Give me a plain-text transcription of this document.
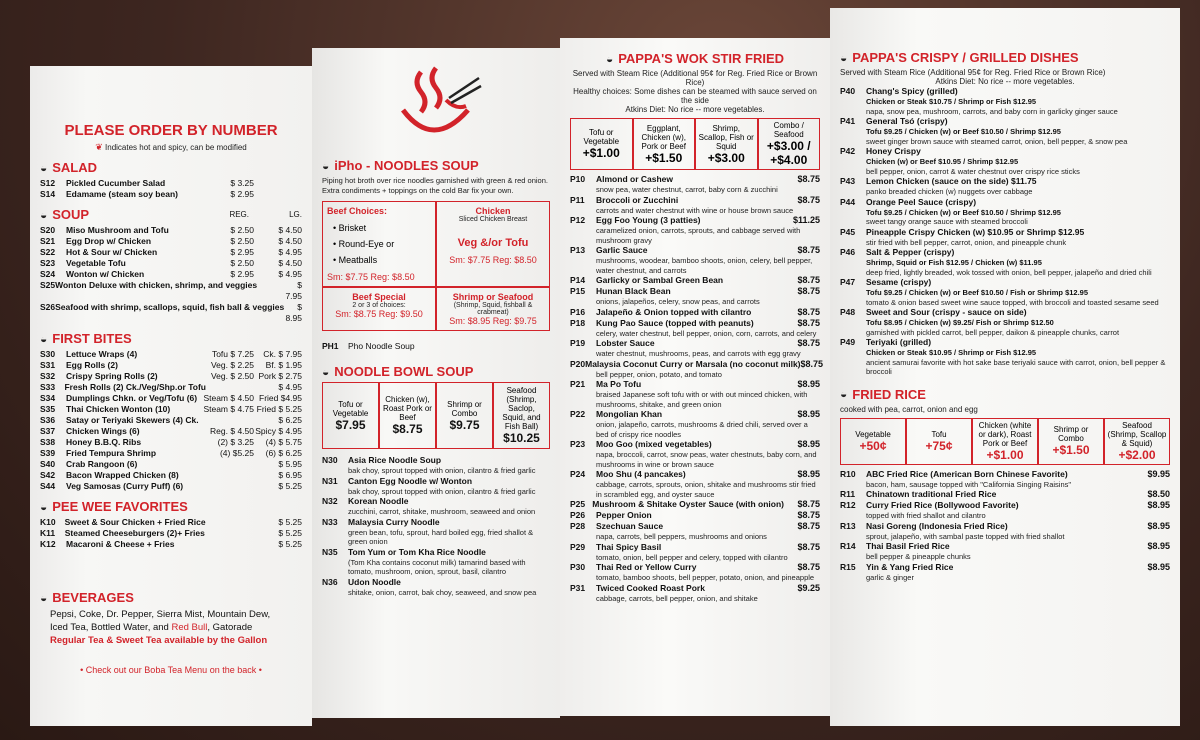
PLEASE ORDER BY NUMBER
❦ Indicates hot and spicy, can be modified
◒ SALAD
S12	Pickled Cucumber Salad	$ 3.25
S14	Edamame (steam soy bean)	$ 2.95
◒ SOUP	REG.	LG.
S20	Miso Mushroom and Tofu	$ 2.50	$ 4.50
S21	Egg Drop w/ Chicken	$ 2.50	$ 4.50
S22	Hot & Sour w/ Chicken	$ 2.95	$ 4.95
S23	Vegetable Tofu	$ 2.50	$ 4.50
S24	Wonton w/ Chicken	$ 2.95	$ 4.95
S25 Wonton Deluxe with chicken, shrimp, and veggies	$ 7.95
S26 Seafood with shrimp, scallops, squid, fish ball & veggies	$ 8.95
◒ FIRST BITES
S30	Lettuce Wraps (4)	Tofu $ 7.25	Ck. $ 7.95
S31	Egg Rolls (2)	Veg. $ 2.25	Bf. $ 1.95
S32	Crispy Spring Rolls (2)	Veg. $ 2.50 Pork $ 2.75
S33	Fresh Rolls (2) Ck./Veg/Shp.or Tofu	$ 4.95
S34	Dumplings Chkn. or Veg/Tofu (6) Steam $ 4.50 Fried $4.95
S35	Thai Chicken Wonton (10)	Steam $ 4.75 Fried $ 5.25
S36	Satay or Teriyaki Skewers (4) Ck.	$ 6.25
S37	Chicken Wings (6)	Reg. $ 4.50 Spicy $ 4.95
S38	Honey B.B.Q. Ribs	(2) $ 3.25	(4) $ 5.75
S39	Fried Tempura Shrimp	(4) $5.25	(6) $ 6.25
S40	Crab Rangoon (6)	$ 5.95
S42	Bacon Wrapped Chicken (8)	$ 6.95
S44	Veg Samosas (Curry Puff) (6)	$ 5.25
◒ PEE WEE FAVORITES
K10	Sweet & Sour Chicken + Fried Rice	$ 5.25
K11	Steamed Cheeseburgers (2)+ Fries	$ 5.25
K12	Macaroni & Cheese + Fries	$ 5.25
◒ BEVERAGES
Pepsi, Coke, Dr. Pepper, Sierra Mist, Mountain Dew,
Iced Tea, Bottled Water, and Red Bull, Gatorade
Regular Tea & Sweet Tea available by the Gallon
• Check out our Boba Tea Menu on the back •
◒ iPho - NOODLES SOUP
Piping hot broth over rice noodles garnished with green & red onion. Extra condiments + toppings on the cold Bar fix your own.
Beef Choices:
• Brisket
• Round-Eye or
• Meatballs
Sm: $7.75 Reg: $8.50
Chicken
Sliced Chicken Breast
Veg &/or Tofu
Sm: $7.75 Reg: $8.50
Beef Special
2 or 3 of choices:
Sm: $8.75 Reg: $9.50
Shrimp or Seafood
(Shrimp, Squid, fishball & crabmeat)
Sm: $8.95 Reg: $9.75
PH1	Pho Noodle Soup
◒ NOODLE BOWL SOUP
Tofu or Vegetable
$7.95
Chicken (w), Roast Pork or Beef
$8.75
Shrimp or Combo
$9.75
Seafood (Shrimp, Saclop, Squid, and Fish Ball)
$10.25
N30	Asia Rice Noodle Soup
bak choy, sprout topped with onion, cilantro & fried garlic
N31	Canton Egg Noodle w/ Wonton
bak choy, sprout topped with onion, cilantro & fried garlic
N32	Korean Noodle
zucchini, carrot, shitake, mushroom, seaweed and onion
N33	Malaysia Curry Noodle
green bean, tofu, sprout, hard boiled egg, fried shallot & green onion
N35	Tom Yum or Tom Kha Rice Noodle
(Tom Kha contains coconut milk) tamarind based with tomato, mushroom, onion, sprout, basil, cilantro
N36	Udon Noodle
shitake, onion, carrot, bak choy, seaweed, and snow pea
◒ PAPPA'S WOK STIR FRIED
Served with Steam Rice (Additional 95¢ for Reg. Fried Rice or Brown Rice)
Healthy choices: Some dishes can be steamed with sauce served on the side
Atkins Diet: No rice -- more vegetables.
Tofu or Vegetable
+$1.00
Eggplant, Chicken (w), Pork or Beef
+$1.50
Shrimp, Scallop, Fish or Squid
+$3.00
Combo / Seafood
+$3.00 / +$4.00
P10	Almond or Cashew	$8.75
snow pea, water chestnut, carrot, baby corn & zucchini
P11	Broccoli or Zucchini	$8.75
carrots and water chestnut with wine or house brown sauce
P12	Egg Foo Young (3 patties)	$11.25
caramelized onion, carrots, sprouts, and cabbage served with mushroom gravy
P13	Garlic Sauce	$8.75
mushrooms, woodear, bamboo shoots, onion, celery, bell pepper, water chestnut, and carrots
P14	Garlicky or Sambal Green Bean	$8.75
P15	Hunan Black Bean	$8.75
onions, jalapeños, celery, snow peas, and carrots
P16	Jalapeño & Onion topped with cilantro	$8.75
P18	Kung Pao Sauce (topped with peanuts)	$8.75
celery, water chestnut, bell pepper, onion, corn, carrots, and celery
P19	Lobster Sauce	$8.75
water chestnut, mushrooms, peas, and carrots with egg gravy
P20 Malaysia Coconut Curry or Marsala (no coconut milk) $8.75
bell pepper, onion, potato, and tomato
P21	Ma Po Tofu	$8.95
braised Japanese soft tofu with or with out minced chicken, with mushrooms, shitake, and green onion
P22	Mongolian Khan	$8.95
onion, jalapeño, carrots, mushrooms & dried chili, served over a bed of crispy rice noodles
P23	Moo Goo (mixed vegetables)	$8.95
napa, broccoli, carrot, snow peas, water chestnuts, baby corn, and mushrooms in wine or brown sauce
P24	Moo Shu (4 pancakes)	$8.95
cabbage, carrots, sprouts, onion, shitake and mushrooms stir fried in scrambled egg, and oyster sauce
P25 Mushroom & Shitake Oyster Sauce (with onion)	$8.75
P26	Pepper Onion	$8.75
P28	Szechuan Sauce	$8.75
napa, carrots, bell peppers, mushrooms and onions
P29	Thai Spicy Basil	$8.75
tomato, onion, bell pepper and celery, topped with cilantro
P30	Thai Red or Yellow Curry	$8.75
tomato, bamboo shoots, bell pepper, potato, onion, and pineapple
P31	Twiced Cooked Roast Pork	$9.25
cabbage, carrots, bell pepper, onion, and shitake
◒ PAPPA'S CRISPY / GRILLED DISHES
Served with Steam Rice (Additional 95¢ for Reg. Fried Rice or Brown Rice)
Atkins Diet: No rice -- more vegetables.
P40	Chang's Spicy (grilled)
Chicken or Steak $10.75 / Shrimp or Fish $12.95
napa, snow pea, mushroom, carrots, and baby corn in garlicky ginger sauce
P41	General Tsó (crispy)
Tofu $9.25 / Chicken (w) or Beef $10.50 / Shrimp $12.95
sweet ginger brown sauce with steamed carrot, onion, bell pepper, & snow pea
P42	Honey Crispy
Chicken (w) or Beef $10.95 / Shrimp $12.95
bell pepper, onion, carrot & water chestnut over crispy rice sticks
P43	Lemon Chicken (sauce on the side) $11.75
panko breaded chicken (w) nuggets over cabbage
P44	Orange Peel Sauce (crispy)
Tofu $9.25 / Chicken (w) or Beef $10.50 / Shrimp $12.95
sweet tangy orange sauce with steamed broccoli
P45	Pineapple Crispy Chicken (w) $10.95 or Shrimp $12.95
stir fried with bell pepper, carrot, onion, and pineapple chunk
P46	Salt & Pepper (crispy)
Shrimp, Squid or Fish $12.95 / Chicken (w) $11.95
deep fried, lightly breaded, wok tossed with onion, bell pepper, jalapeño and dried chili
P47	Sesame (crispy)
Tofu $9.25 / Chicken (w) or Beef $10.50 / Fish or Shrimp $12.95
tomato & onion based sweet wine sauce topped, with broccoli and toasted sesame seed
P48	Sweet and Sour (crispy - sauce on side)
Tofu $8.95 / Chicken (w) $9.25/ Fish or Shrimp $12.50
garnished with pickled carrot, bell pepper, daikon & pineapple chunks, carrot
P49	Teriyaki (grilled)
Chicken or Steak $10.95 / Shrimp or Fish $12.95
ancient samurai favorite with hot sake base teriyaki sauce with carrot, onion, bell pepper & broccoli
◒ FRIED RICE
cooked with pea, carrot, onion and egg
Vegetable
+50¢
Tofu
+75¢
Chicken (white or dark), Roast Pork or Beef
+$1.00
Shrimp or Combo
+$1.50
Seafood (Shrimp, Scallop & Squid)
+$2.00
R10	ABC Fried Rice (American Born Chinese Favorite)	$9.95
bacon, ham, sausage topped with "California Singing Raisins"
R11	Chinatown traditional Fried Rice	$8.50
R12	Curry Fried Rice (Bollywood Favorite)	$8.95
topped with fried shallot and cilantro
R13	Nasi Goreng (Indonesia Fried Rice)	$8.95
sprout, jalapeño, with sambal paste topped with fried shallot
R14	Thai Basil Fried Rice	$8.95
bell pepper & pineapple chunks
R15	Yin & Yang Fried Rice	$8.95
garlic & ginger
